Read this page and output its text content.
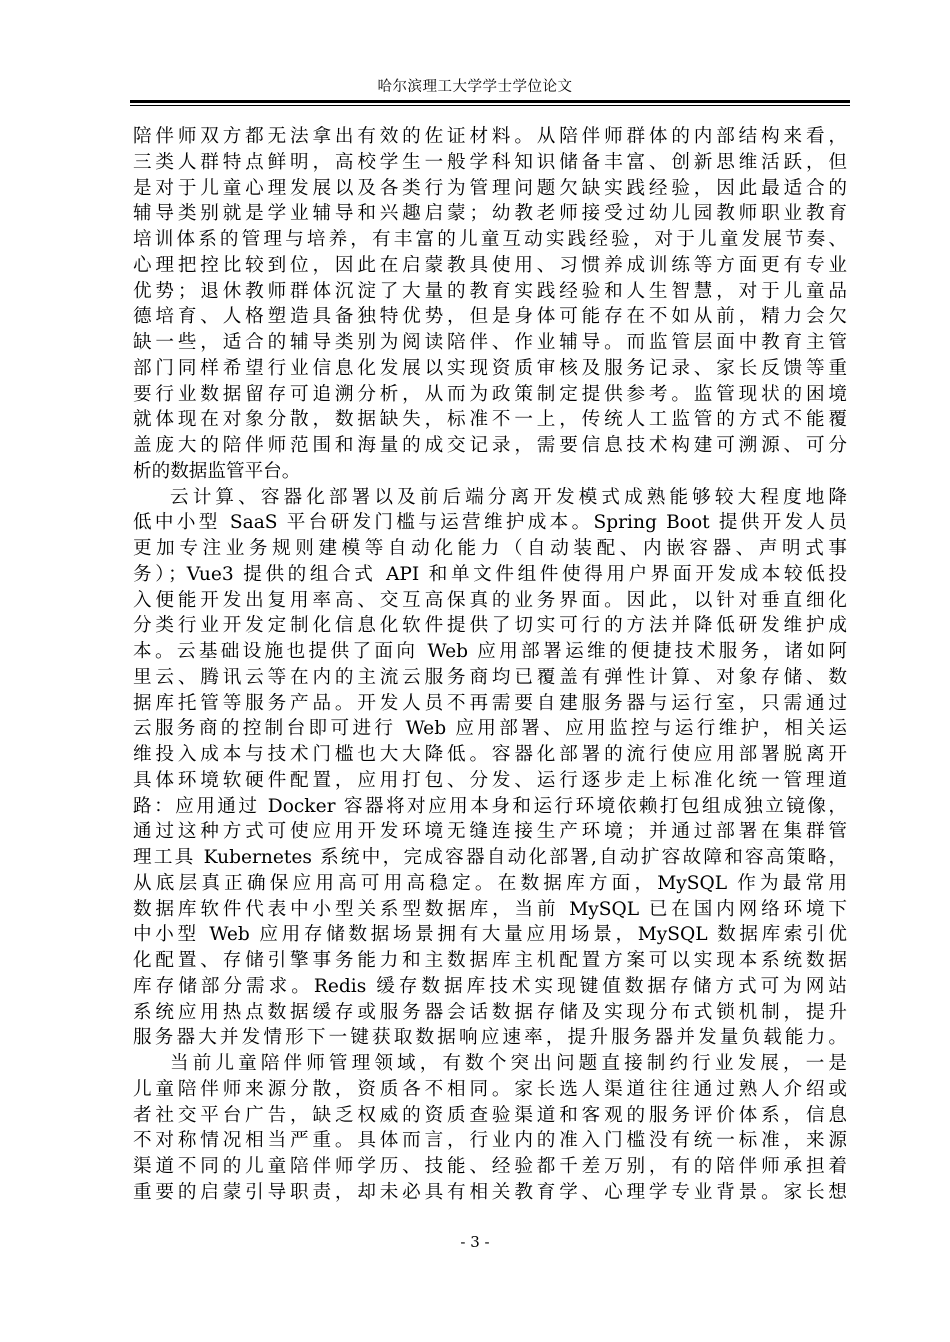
哈尔滨理工大学学士学位论文
陪伴师双方都无法拿出有效的佐证材料。从陪伴师群体的内部结构来看，
三类人群特点鲜明，高校学生一般学科知识储备丰富、创新思维活跃，但
是对于儿童心理发展以及各类行为管理问题欠缺实践经验，因此最适合的
辅导类别就是学业辅导和兴趣启蒙；幼教老师接受过幼儿园教师职业教育
培训体系的管理与培养，有丰富的儿童互动实践经验，对于儿童发展节奏、
心理把控比较到位，因此在启蒙教具使用、习惯养成训练等方面更有专业
优势；退休教师群体沉淀了大量的教育实践经验和人生智慧，对于儿童品
德培育、人格塑造具备独特优势，但是身体可能存在不如从前，精力会欠
缺一些，适合的辅导类别为阅读陪伴、作业辅导。而监管层面中教育主管
部门同样希望行业信息化发展以实现资质审核及服务记录、家长反馈等重
要行业数据留存可追溯分析，从而为政策制定提供参考。监管现状的困境
就体现在对象分散，数据缺失，标准不一上，传统人工监管的方式不能覆
盖庞大的陪伴师范围和海量的成交记录，需要信息技术构建可溯源、可分
析的数据监管平台。
云计算、容器化部署以及前后端分离开发模式成熟能够较大程度地降
低中小型 SaaS 平台研发门槛与运营维护成本。Spring Boot 提供开发人员
更加专注业务规则建模等自动化能力（自动装配、内嵌容器、声明式事
务）；Vue3 提供的组合式 API 和单文件组件使得用户界面开发成本较低投
入便能开发出复用率高、交互高保真的业务界面。因此，以针对垂直细化
分类行业开发定制化信息化软件提供了切实可行的方法并降低研发维护成
本。云基础设施也提供了面向 Web 应用部署运维的便捷技术服务，诸如阿
里云、腾讯云等在内的主流云服务商均已覆盖有弹性计算、对象存储、数
据库托管等服务产品。开发人员不再需要自建服务器与运行室，只需通过
云服务商的控制台即可进行 Web 应用部署、应用监控与运行维护，相关运
维投入成本与技术门槛也大大降低。容器化部署的流行使应用部署脱离开
具体环境软硬件配置，应用打包、分发、运行逐步走上标准化统一管理道
路：应用通过 Docker 容器将对应用本身和运行环境依赖打包组成独立镜像，
通过这种方式可使应用开发环境无缝连接生产环境；并通过部署在集群管
理工具 Kubernetes 系统中，完成容器自动化部署,自动扩容故障和容高策略，
从底层真正确保应用高可用高稳定。在数据库方面，MySQL 作为最常用
数据库软件代表中小型关系型数据库，当前 MySQL 已在国内网络环境下
中小型 Web 应用存储数据场景拥有大量应用场景，MySQL 数据库索引优
化配置、存储引擎事务能力和主数据库主机配置方案可以实现本系统数据
库存储部分需求。Redis 缓存数据库技术实现键值数据存储方式可为网站
系统应用热点数据缓存或服务器会话数据存储及实现分布式锁机制，提升
服务器大并发情形下一键获取数据响应速率，提升服务器并发量负载能力。
当前儿童陪伴师管理领域，有数个突出问题直接制约行业发展，一是
儿童陪伴师来源分散，资质各不相同。家长选人渠道往往通过熟人介绍或
者社交平台广告，缺乏权威的资质查验渠道和客观的服务评价体系，信息
不对称情况相当严重。具体而言，行业内的准入门槛没有统一标准，来源
渠道不同的儿童陪伴师学历、技能、经验都千差万别，有的陪伴师承担着
重要的启蒙引导职责，却未必具有相关教育学、心理学专业背景。家长想
- 3 -
